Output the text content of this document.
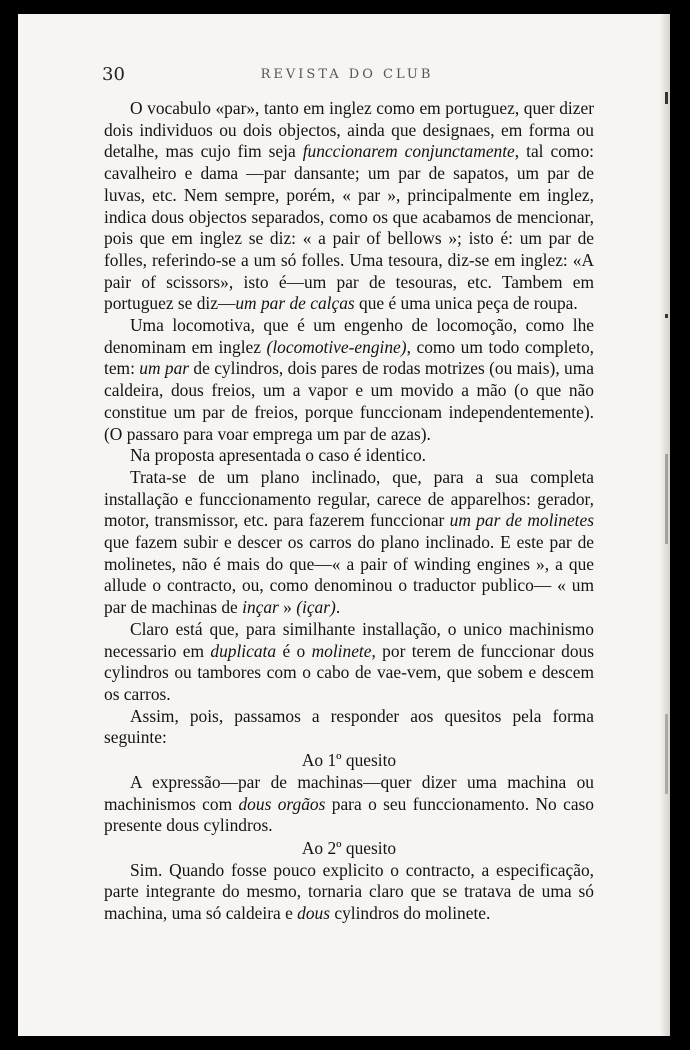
30	REVISTA DO CLUB

O vocabulo «par», tanto em inglez como em portuguez, quer dizer dois individuos ou dois objectos, ainda que designaes, em forma ou detalhe, mas cujo fim seja funccionarem conjunctamente, tal como: cavalheiro e dama —par dansante; um par de sapatos, um par de luvas, etc. Nem sempre, porém, « par », principalmente em inglez, indica dous objectos separados, como os que acabamos de mencionar, pois que em inglez se diz: « a pair of bellows »; isto é: um par de folles, referindo-se a um só folles. Uma tesoura, diz-se em inglez: «A pair of scissors», isto é—um par de tesouras, etc. Tambem em portuguez se diz—um par de calças que é uma unica peça de roupa.

Uma locomotiva, que é um engenho de locomoção, como lhe denominam em inglez (locomotive-engine), como um todo completo, tem: um par de cylindros, dois pares de rodas motrizes (ou mais), uma caldeira, dous freios, um a vapor e um movido a mão (o que não constitue um par de freios, porque funccionam independentemente). (O passaro para voar emprega um par de azas).

Na proposta apresentada o caso é identico.

Trata-se de um plano inclinado, que, para a sua completa installação e funccionamento regular, carece de apparelhos: gerador, motor, transmissor, etc. para fazerem funccionar um par de molinetes que fazem subir e descer os carros do plano inclinado. E este par de molinetes, não é mais do que—« a pair of winding engines », a que allude o contracto, ou, como denominou o traductor publico— « um par de machinas de inçar » (içar).

Claro está que, para similhante installação, o unico machinismo necessario em duplicata é o molinete, por terem de funccionar dous cylindros ou tambores com o cabo de vae-vem, que sobem e descem os carros.

Assim, pois, passamos a responder aos quesitos pela forma seguinte:

Ao 1º quesito

A expressão—par de machinas—quer dizer uma machina ou machinismos com dous orgãos para o seu funccionamento. No caso presente dous cylindros.

Ao 2º quesito

Sim. Quando fosse pouco explicito o contracto, a especificação, parte integrante do mesmo, tornaria claro que se tratava de uma só machina, uma só caldeira e dous cylindros do molinete.
